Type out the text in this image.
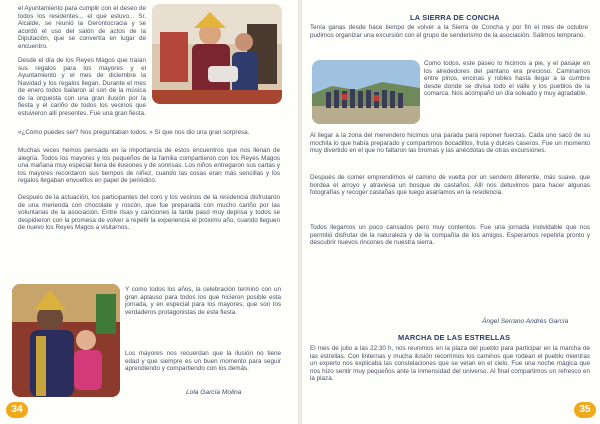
el Ayuntamiento para cumplir con el deseo de todos los residentes... el que estuvo... Sr. Alcalde, se reunió la Gerontocracia y se acordó el uso del salón de actos de la Diputación, que se convertía en lugar de encuentro.
Desde el día de los Reyes Magos que traían sus regalos para los mayores y el Ayuntamiento y el mes de diciembre la Navidad y los regalos llegan. Durante el mes de enero todos bailaron al son de la música de la orquesta con una gran ilusión por la fiesta y el cariño de todos los vecinos que estuvieron allí presentes. Fue una gran fiesta.
«¿Cómo puedes ser? Nos preguntaban todos. » Sí que nos dio una gran sorpresa.
Muchas veces hemos pensado en la importancia de estos encuentros que nos llenan de alegría. Todos los mayores y los pequeños de la familia compartieron con los Reyes Magos una mañana muy especial llena de ilusiones y de sonrisas. Los niños entregaron sus cartas y los mayores recordaron sus tiempos de niñez, cuando las cosas eran más sencillas y los regalos llegaban envueltos en papel de periódico.
Después de la actuación, los participantes del coro y los vecinos de la residencia disfrutaron de una merienda con chocolate y roscón, que fue preparada con mucho cariño por las voluntarias de la asociación. Entre risas y canciones la tarde pasó muy deprisa y todos se despidieron con la promesa de volver a repetir la experiencia el próximo año, cuando lleguen de nuevo los Reyes Magos a visitarnos.
Y como todos los años, la celebración terminó con un gran aplauso para todos los que hicieron posible esta jornada, y en especial para los mayores, que son los verdaderos protagonistas de esta fiesta.
Los mayores nos recuerdan que la ilusión no tiene edad y que siempre es un buen momento para seguir aprendiendo y compartiendo con los demás.
Lola García Molina
34
LA SIERRA DE CONCHA
Tenía ganas desde hace tiempo de volver a la Sierra de Concha y por fin el mes de octubre pudimos organizar una excursión con el grupo de senderismo de la asociación. Salimos temprano.
Como todos, este paseo lo hicimos a pie, y el paisaje en los alrededores del pantano era precioso. Caminamos entre pinos, encinas y robles hasta llegar a la cumbre desde donde se divisa todo el valle y los pueblos de la comarca. Nos acompañó un día soleado y muy agradable.
Al llegar a la zona del merendero hicimos una parada para reponer fuerzas. Cada uno sacó de su mochila lo que había preparado y compartimos bocadillos, fruta y dulces caseros. Fue un momento muy divertido en el que no faltaron las bromas y las anécdotas de otras excursiones.
Después de comer emprendimos el camino de vuelta por un sendero diferente, más suave, que bordea el arroyo y atraviesa un bosque de castaños. Allí nos detuvimos para hacer algunas fotografías y recoger castañas que luego asaríamos en la residencia.
Todos llegamos un poco cansados pero muy contentos. Fue una jornada inolvidable que nos permitió disfrutar de la naturaleza y de la compañía de los amigos. Esperamos repetirla pronto y descubrir nuevos rincones de nuestra sierra.
Ángel Serrano Andrés García
MARCHA DE LAS ESTRELLAS
El mes de julio a las 22:30 h, nos reunimos en la plaza del pueblo para participar en la marcha de las estrellas. Con linternas y mucha ilusión recorrimos los caminos que rodean el pueblo mientras un experto nos explicaba las constelaciones que se veían en el cielo. Fue una noche mágica que nos hizo sentir muy pequeños ante la inmensidad del universo. Al final compartimos un refresco en la plaza.
35
